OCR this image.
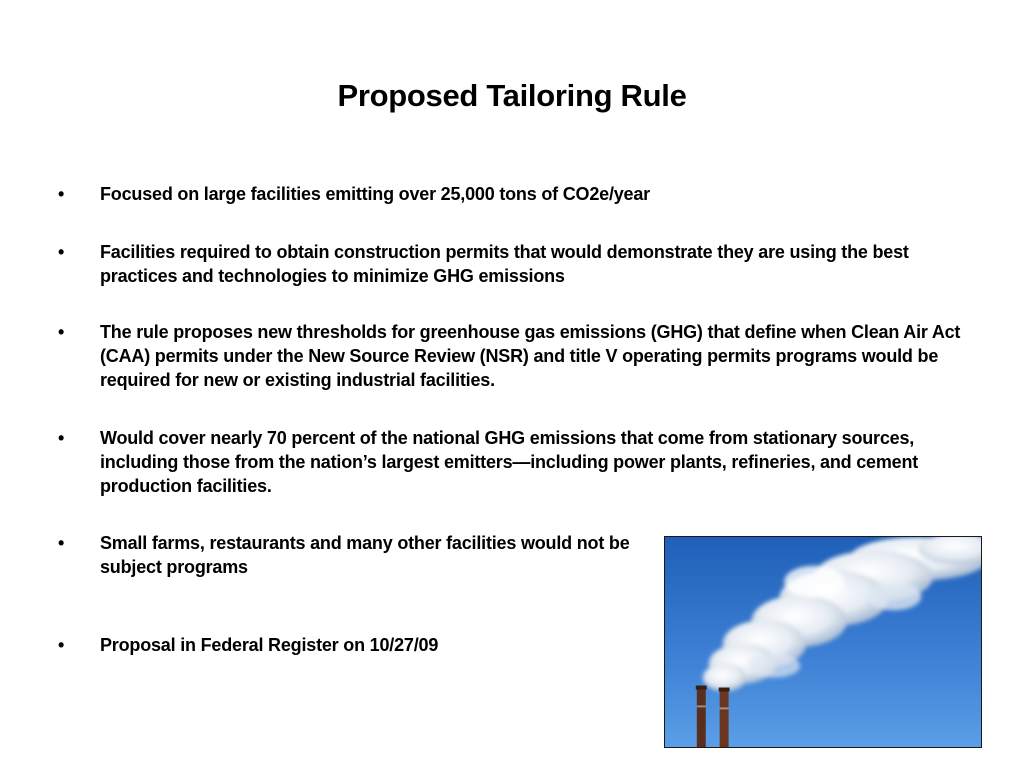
Proposed Tailoring Rule
•	Focused on large facilities emitting over 25,000 tons of CO2e/year
•	Facilities required to obtain construction permits that would demonstrate they are using the best practices and technologies to minimize GHG emissions
•	The rule proposes new thresholds for greenhouse gas emissions (GHG) that define when Clean Air Act (CAA) permits under the New Source Review (NSR) and title V operating permits programs would be required for new or existing industrial facilities.
•	Would cover nearly 70 percent of the national GHG emissions that come from stationary sources, including those from the nation’s largest emitters—including power plants, refineries, and cement production facilities.
•	Small farms, restaurants and many other facilities would not be subject programs
•	Proposal in Federal Register on 10/27/09
